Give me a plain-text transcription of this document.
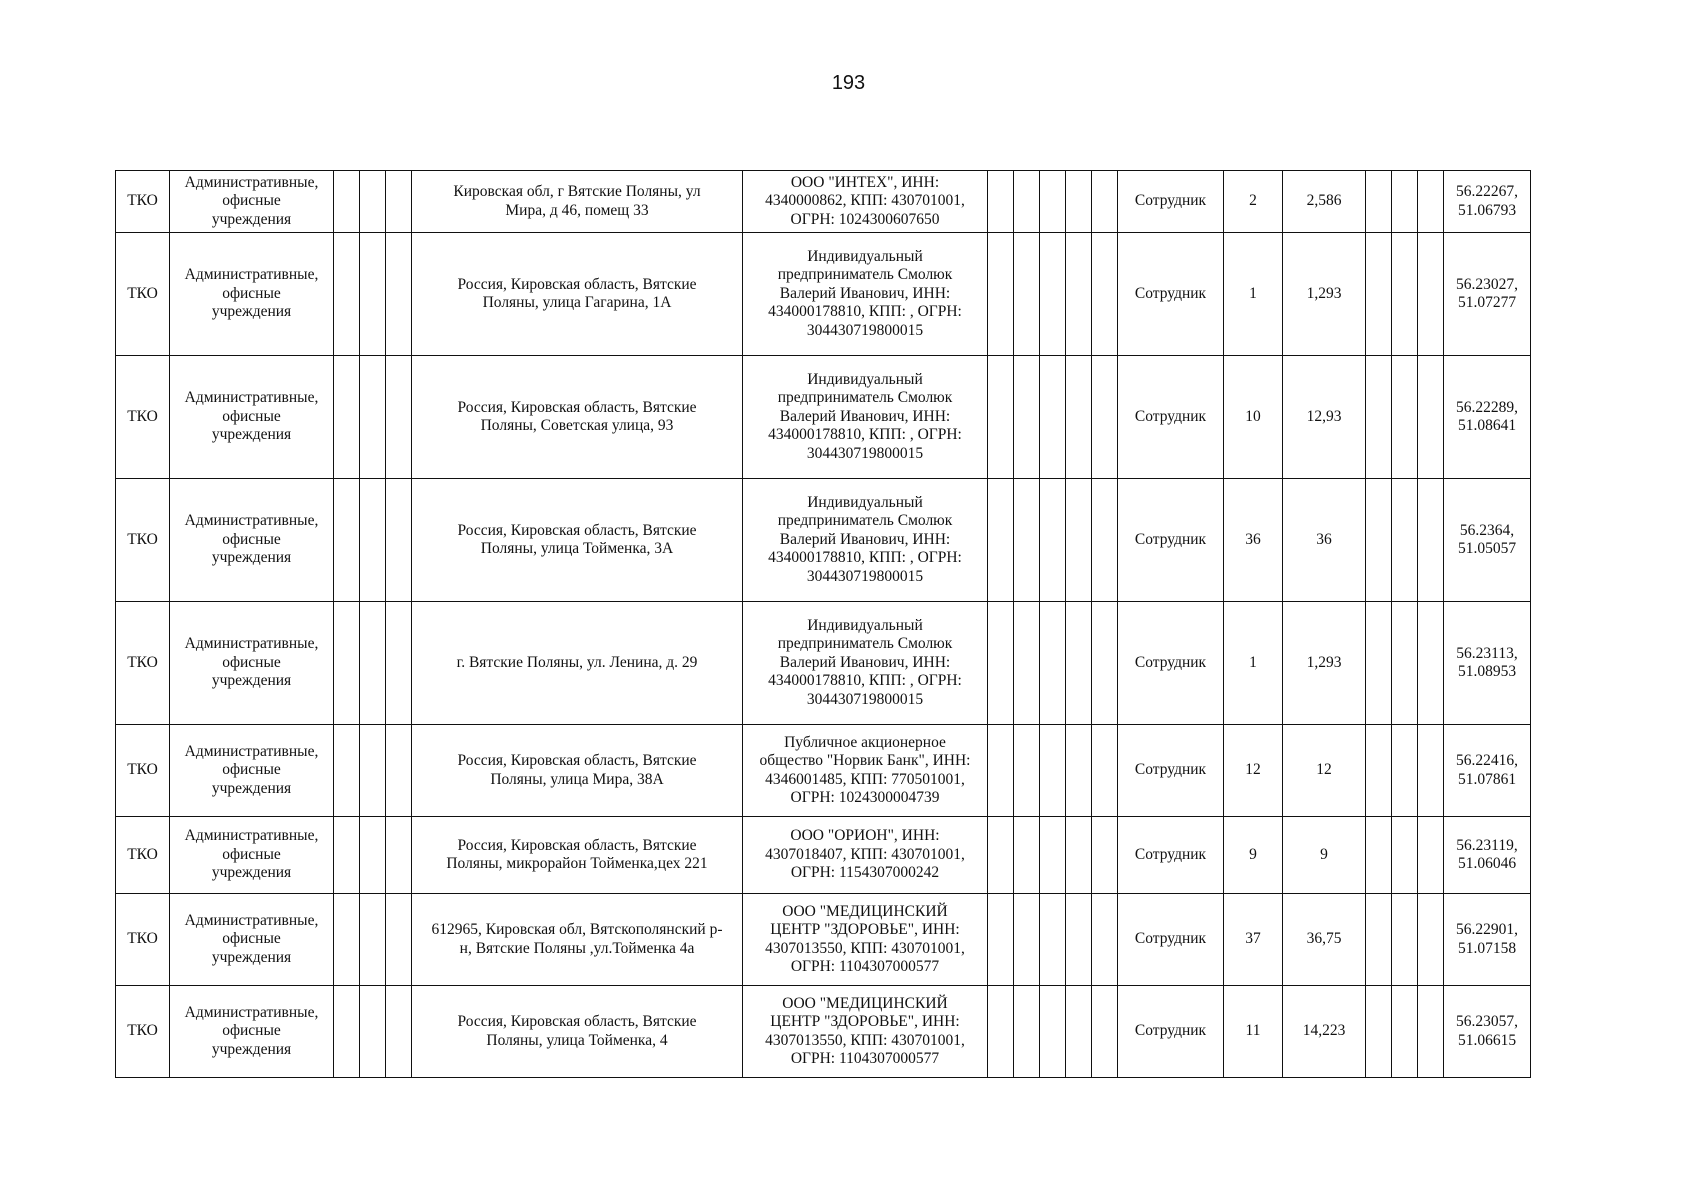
193
ТКО	Административные,
офисные
учреждения				Кировская обл, г Вятские Поляны, ул
Мира, д 46, помещ 33	ООО "ИНТЕХ", ИНН:
4340000862, КПП: 430701001,
ОГРН: 1024300607650						Сотрудник	2	2,586				56.22267,
51.06793
ТКО	Административные,
офисные
учреждения				Россия, Кировская область, Вятские
Поляны, улица Гагарина, 1А	Индивидуальный
предприниматель Смолюк
Валерий Иванович, ИНН:
434000178810, КПП: , ОГРН:
304430719800015						Сотрудник	1	1,293				56.23027,
51.07277
ТКО	Административные,
офисные
учреждения				Россия, Кировская область, Вятские
Поляны, Советская улица, 93	Индивидуальный
предприниматель Смолюк
Валерий Иванович, ИНН:
434000178810, КПП: , ОГРН:
304430719800015						Сотрудник	10	12,93				56.22289,
51.08641
ТКО	Административные,
офисные
учреждения				Россия, Кировская область, Вятские
Поляны, улица Тойменка, 3А	Индивидуальный
предприниматель Смолюк
Валерий Иванович, ИНН:
434000178810, КПП: , ОГРН:
304430719800015						Сотрудник	36	36				56.2364,
51.05057
ТКО	Административные,
офисные
учреждения				г. Вятские Поляны, ул. Ленина, д. 29	Индивидуальный
предприниматель Смолюк
Валерий Иванович, ИНН:
434000178810, КПП: , ОГРН:
304430719800015						Сотрудник	1	1,293				56.23113,
51.08953
ТКО	Административные,
офисные
учреждения				Россия, Кировская область, Вятские
Поляны, улица Мира, 38А	Публичное акционерное
общество "Норвик Банк", ИНН:
4346001485, КПП: 770501001,
ОГРН: 1024300004739						Сотрудник	12	12				56.22416,
51.07861
ТКО	Административные,
офисные
учреждения				Россия, Кировская область, Вятские
Поляны, микрорайон Тойменка,цех 221	ООО "ОРИОН", ИНН:
4307018407, КПП: 430701001,
ОГРН: 1154307000242						Сотрудник	9	9				56.23119,
51.06046
ТКО	Административные,
офисные
учреждения				612965, Кировская обл, Вятскополянский р-
н, Вятские Поляны ,ул.Тойменка 4а	ООО "МЕДИЦИНСКИЙ
ЦЕНТР "ЗДОРОВЬЕ", ИНН:
4307013550, КПП: 430701001,
ОГРН: 1104307000577						Сотрудник	37	36,75				56.22901,
51.07158
ТКО	Административные,
офисные
учреждения				Россия, Кировская область, Вятские
Поляны, улица Тойменка, 4	ООО "МЕДИЦИНСКИЙ
ЦЕНТР "ЗДОРОВЬЕ", ИНН:
4307013550, КПП: 430701001,
ОГРН: 1104307000577						Сотрудник	11	14,223				56.23057,
51.06615
